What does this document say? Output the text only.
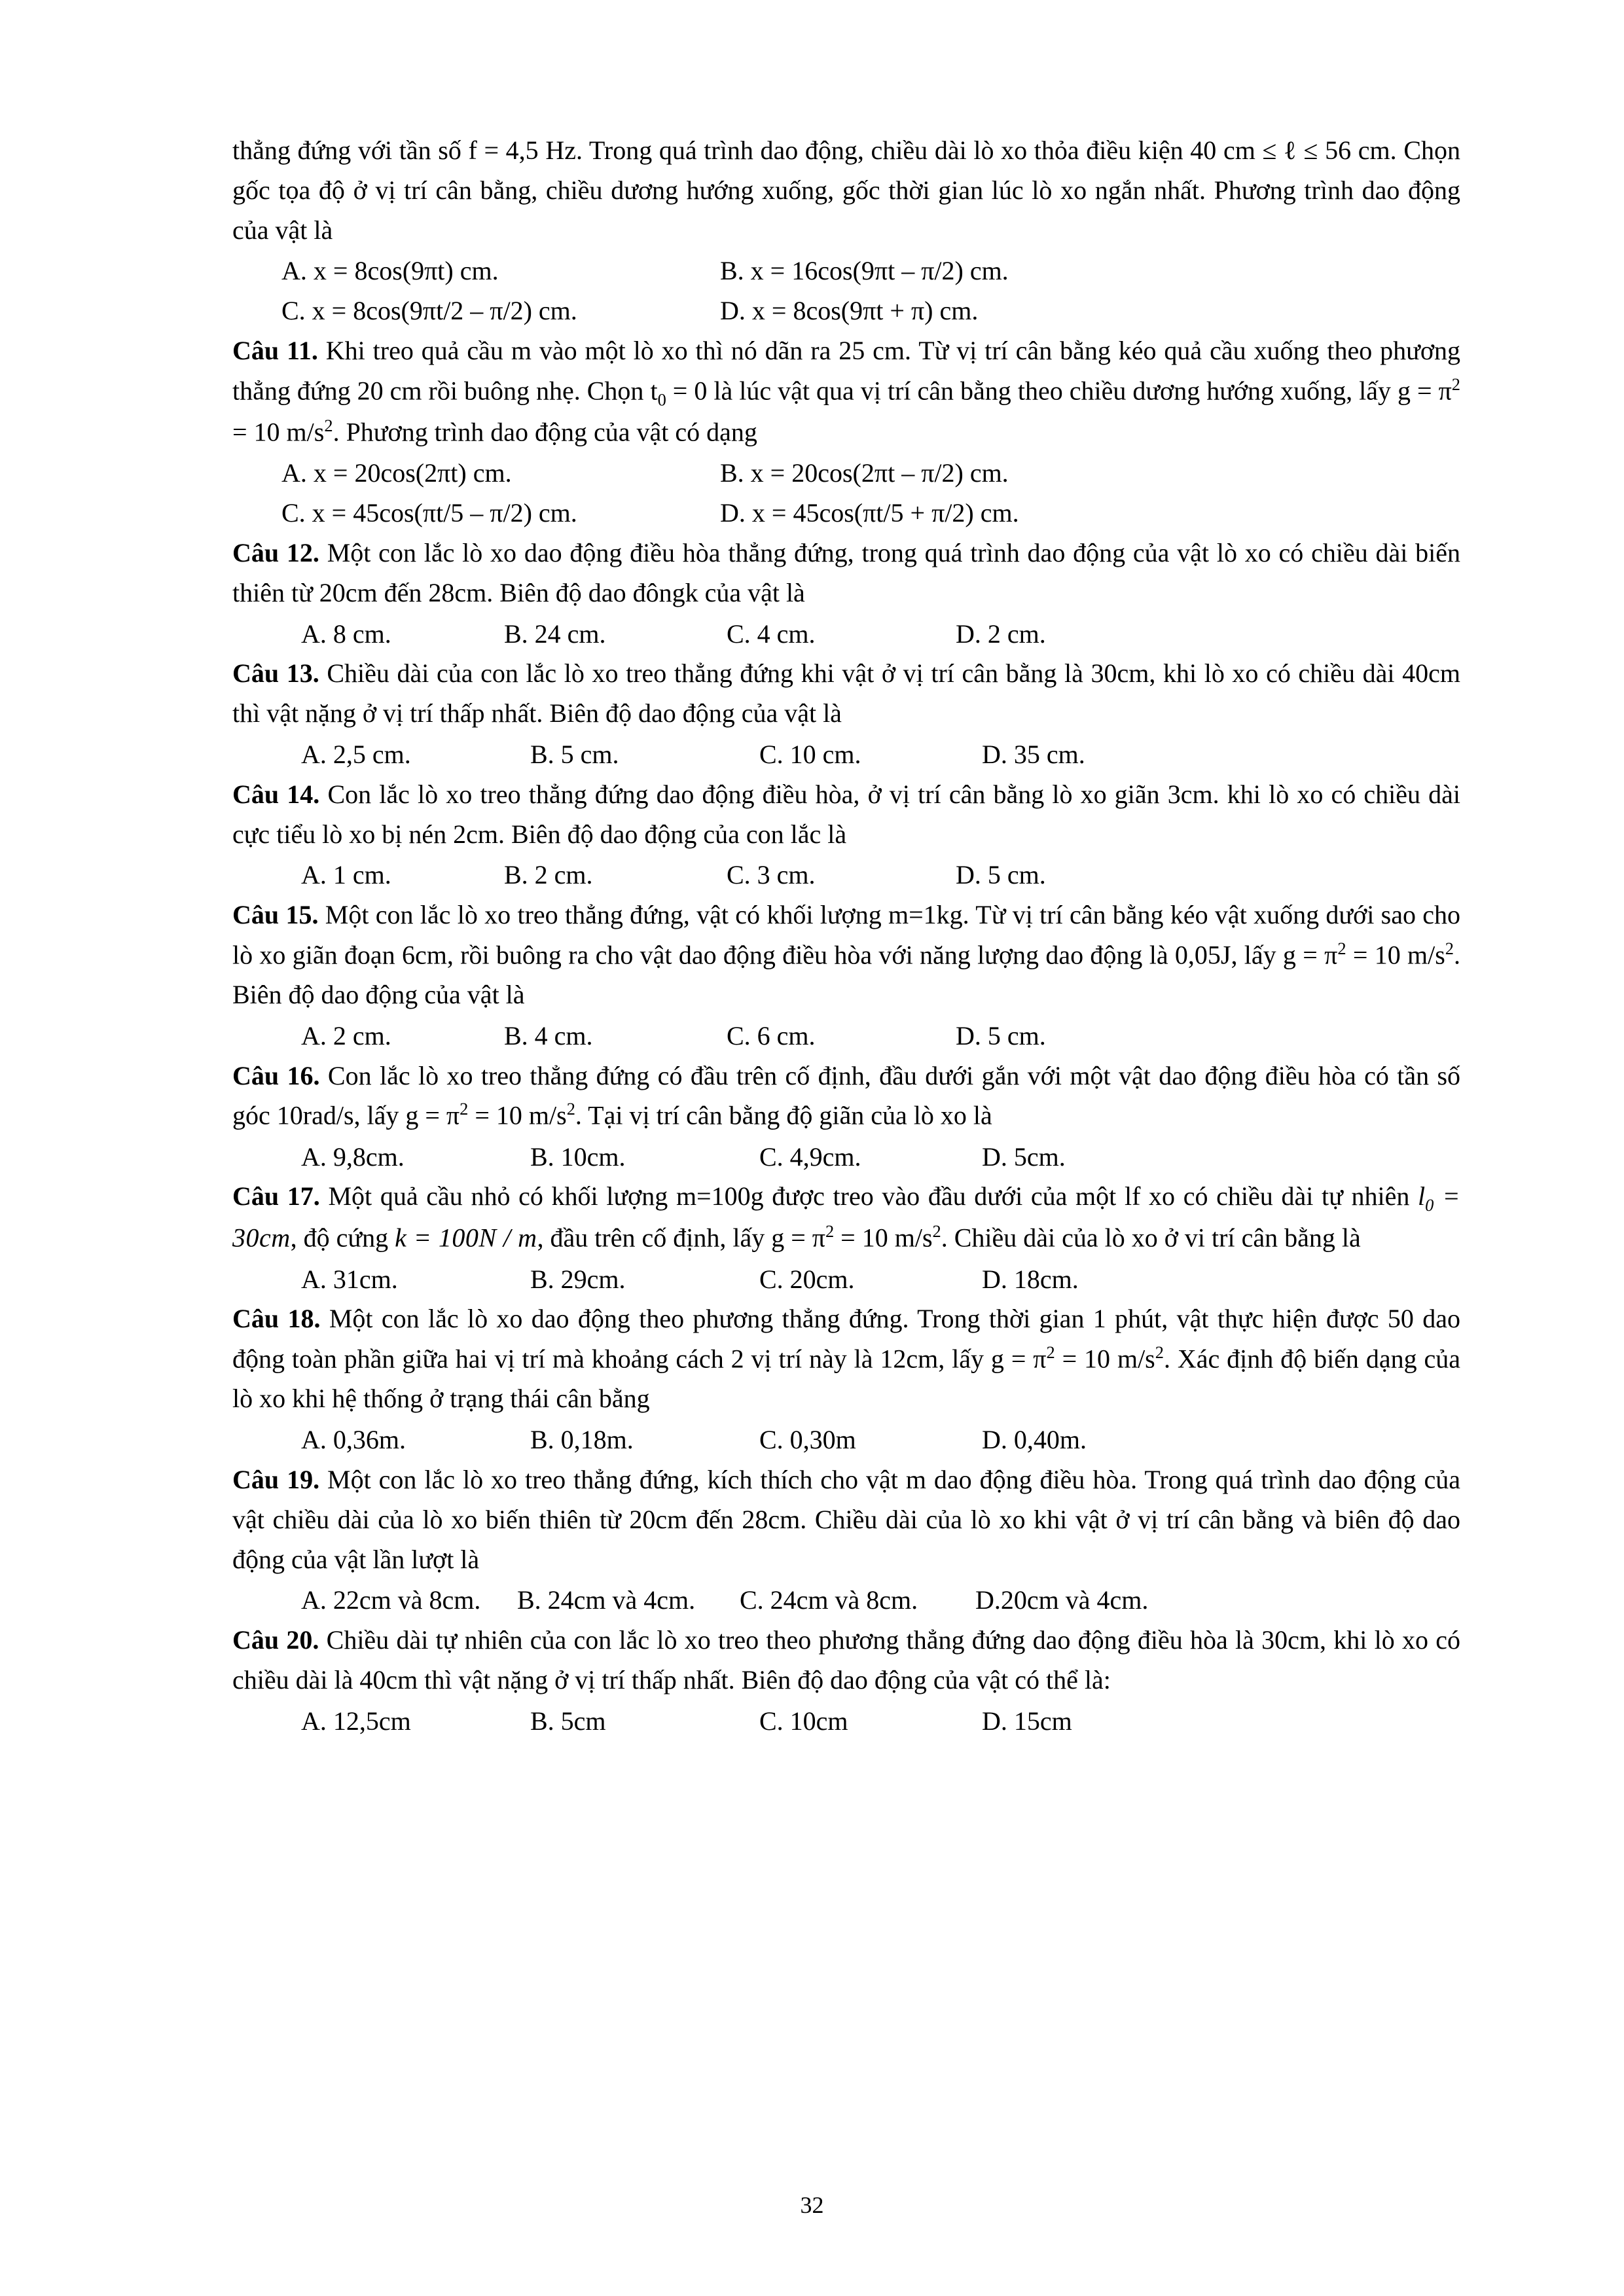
thẳng đứng với tần số f = 4,5 Hz. Trong quá trình dao động, chiều dài lò xo thỏa điều kiện 40 cm ≤ ℓ ≤ 56 cm. Chọn gốc tọa độ ở vị trí cân bằng, chiều dương hướng xuống, gốc thời gian lúc lò xo ngắn nhất. Phương trình dao động của vật là

A. x = 8cos(9πt) cm.	B. x = 16cos(9πt – π/2) cm.
C. x = 8cos(9πt/2 – π/2) cm.	D. x = 8cos(9πt + π) cm.

Câu 11. Khi treo quả cầu m vào một lò xo thì nó dãn ra 25 cm. Từ vị trí cân bằng kéo quả cầu xuống theo phương thẳng đứng 20 cm rồi buông nhẹ. Chọn $t_0 = 0$ là lúc vật qua vị trí cân bằng theo chiều dương hướng xuống, lấy $g = \pi^2 = 10$ $m/s^2$. Phương trình dao động của vật có dạng

A. x = 20cos(2πt) cm.	B. x = 20cos(2πt – π/2) cm.
C. x = 45cos(πt/5 – π/2) cm.	D. x = 45cos(πt/5 + π/2) cm.

Câu 12. Một con lắc lò xo dao động điều hòa thẳng đứng, trong quá trình dao động của vật lò xo có chiều dài biến thiên từ 20cm đến 28cm. Biên độ dao đôngk của vật là

A. 8 cm.	B. 24 cm.	C. 4 cm.	D. 2 cm.

Câu 13. Chiều dài của con lắc lò xo treo thẳng đứng khi vật ở vị trí cân bằng là 30cm, khi lò xo có chiều dài 40cm thì vật nặng ở vị trí thấp nhất. Biên độ dao động của vật là

A. 2,5 cm.	B. 5 cm.	C. 10 cm.	D. 35 cm.

Câu 14. Con lắc lò xo treo thẳng đứng dao động điều hòa, ở vị trí cân bằng lò xo giãn 3cm. khi lò xo có chiều dài cực tiểu lò xo bị nén 2cm. Biên độ dao động của con lắc là

A. 1 cm.	B. 2 cm.	C. 3 cm.	D. 5 cm.

Câu 15. Một con lắc lò xo treo thẳng đứng, vật có khối lượng m=1kg. Từ vị trí cân bằng kéo vật xuống dưới sao cho lò xo giãn đoạn 6cm, rồi buông ra cho vật dao động điều hòa với năng lượng dao động là 0,05J, lấy $g = \pi^2 = 10$ $m/s^2$. Biên độ dao động của vật là

A. 2 cm.	B. 4 cm.	C. 6 cm.	D. 5 cm.

Câu 16. Con lắc lò xo treo thẳng đứng có đầu trên cố định, đầu dưới gắn với một vật dao động điều hòa có tần số góc 10rad/s, lấy $g = \pi^2 = 10$ $m/s^2$. Tại vị trí cân bằng độ giãn của lò xo là

A. 9,8cm.	B. 10cm.	C. 4,9cm.	D. 5cm.

Câu 17. Một quả cầu nhỏ có khối lượng m=100g được treo vào đầu dưới của một lf xo có chiều dài tự nhiên $l_0 = 30cm$, độ cứng k = 100N / m, đầu trên cố định, lấy $g = \pi^2 = 10$ $m/s^2$. Chiều dài của lò xo ở vi trí cân bằng là

A. 31cm.	B. 29cm.	C. 20cm.	D. 18cm.

Câu 18. Một con lắc lò xo dao động theo phương thẳng đứng. Trong thời gian 1 phút, vật thực hiện được 50 dao động toàn phần giữa hai vị trí mà khoảng cách 2 vị trí này là 12cm, lấy $g = \pi^2 = 10$ $m/s^2$. Xác định độ biến dạng của lò xo khi hệ thống ở trạng thái cân bằng

A. 0,36m.	B. 0,18m.	C. 0,30m	D. 0,40m.

Câu 19. Một con lắc lò xo treo thẳng đứng, kích thích cho vật m dao động điều hòa. Trong quá trình dao động của vật chiều dài của lò xo biến thiên từ 20cm đến 28cm. Chiều dài của lò xo khi vật ở vị trí cân bằng và biên độ dao động của vật lần lượt là

A. 22cm và 8cm. B. 24cm và 4cm. C. 24cm và 8cm. D.20cm và 4cm.

Câu 20. Chiều dài tự nhiên của con lắc lò xo treo theo phương thẳng đứng dao động điều hòa là 30cm, khi lò xo có chiều dài là 40cm thì vật nặng ở vị trí thấp nhất. Biên độ dao động của vật có thể là:

A. 12,5cm	B. 5cm	C. 10cm	D. 15cm
32
